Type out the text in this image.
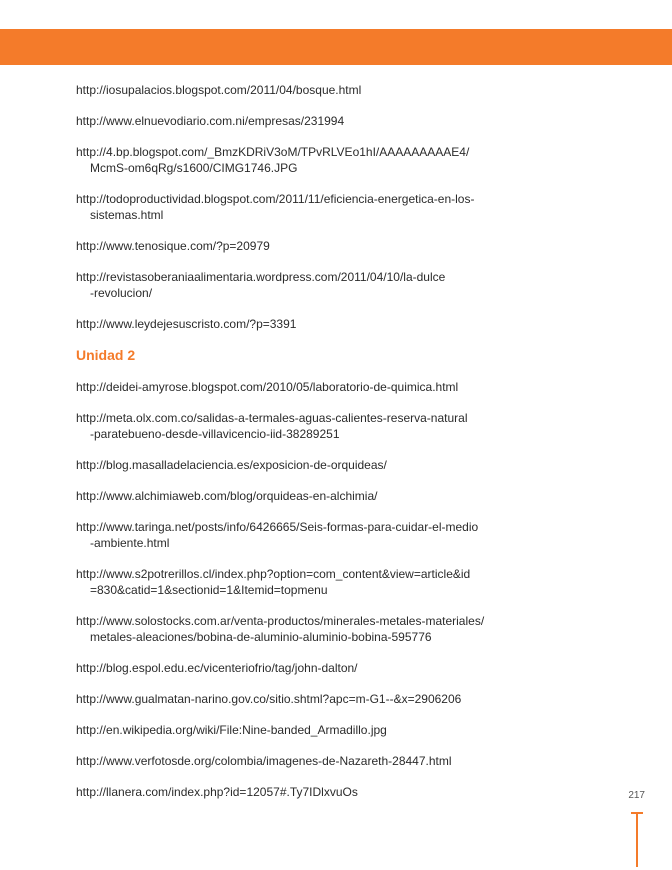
http://iosupalacios.blogspot.com/2011/04/bosque.html
http://www.elnuevodiario.com.ni/empresas/231994
http://4.bp.blogspot.com/_BmzKDRiV3oM/TPvRLVEo1hI/AAAAAAAAAE4/
McmS-om6qRg/s1600/CIMG1746.JPG
http://todoproductividad.blogspot.com/2011/11/eficiencia-energetica-en-los-
sistemas.html
http://www.tenosique.com/?p=20979
http://revistasoberaniaalimentaria.wordpress.com/2011/04/10/la-dulce
-revolucion/
http://www.leydejesuscristo.com/?p=3391
Unidad 2
http://deidei-amyrose.blogspot.com/2010/05/laboratorio-de-quimica.html
http://meta.olx.com.co/salidas-a-termales-aguas-calientes-reserva-natural
-paratebueno-desde-villavicencio-iid-38289251
http://blog.masalladelaciencia.es/exposicion-de-orquideas/
http://www.alchimiaweb.com/blog/orquideas-en-alchimia/
http://www.taringa.net/posts/info/6426665/Seis-formas-para-cuidar-el-medio
-ambiente.html
http://www.s2potrerillos.cl/index.php?option=com_content&view=article&id
=830&catid=1&sectionid=1&Itemid=topmenu
http://www.solostocks.com.ar/venta-productos/minerales-metales-materiales/
metales-aleaciones/bobina-de-aluminio-aluminio-bobina-595776
http://blog.espol.edu.ec/vicenteriofrio/tag/john-dalton/
http://www.gualmatan-narino.gov.co/sitio.shtml?apc=m-G1--&x=2906206
http://en.wikipedia.org/wiki/File:Nine-banded_Armadillo.jpg
http://www.verfotosde.org/colombia/imagenes-de-Nazareth-28447.html
http://llanera.com/index.php?id=12057#.Ty7IDlxvuOs	217
